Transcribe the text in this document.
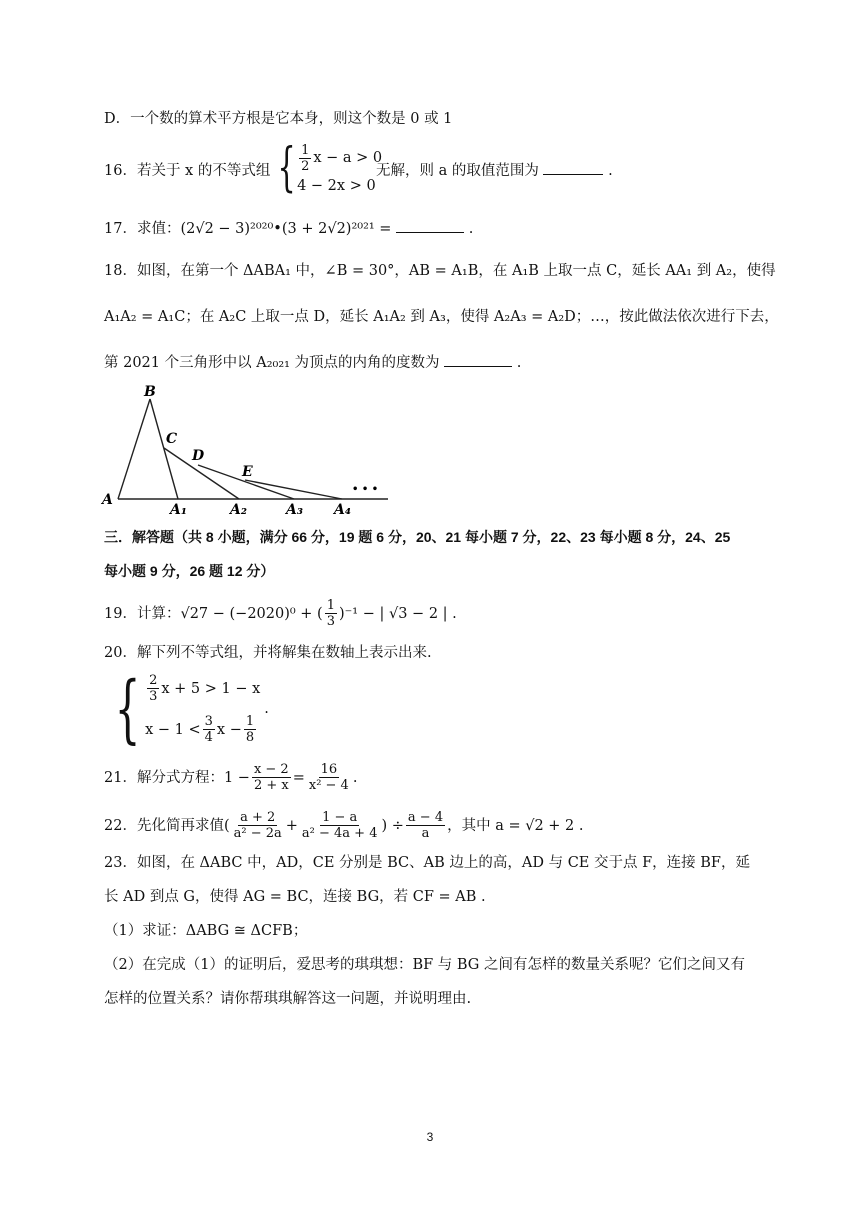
D．一个数的算术平方根是它本身，则这个数是 0 或 1
16．若关于 x 的不等式组 { $\frac{1}{2}$ x − a > 0
4 − 2x > 0
无解，则 a 的取值范围为	.
17．求值：(2√2 − 3)²⁰²⁰•(3 + 2√2)²⁰²¹ =	.
18．如图，在第一个 ΔABA₁ 中，∠B = 30°，AB = A₁B，在 A₁B 上取一点 C，延长 AA₁ 到 A₂，使得
A₁A₂ = A₁C；在 A₂C 上取一点 D，延长 A₁A₂ 到 A₃，使得 A₂A₃ = A₂D；…，按此做法依次进行下去，
第 2021 个三角形中以 A₂₀₂₁ 为顶点的内角的度数为	.
A
B
C
D
E
A₁	A₂	A₃ A₄
• • •
三．解答题（共 8 小题，满分 66 分，19 题 6 分，20、21 每小题 7 分，22、23 每小题 8 分，24、25
每小题 9 分，26 题 12 分）
19．计算：√27 − (−2020)⁰ + ( $\frac{1}{3} )^{-1}$ − | √3 − 2 | .
20．解下列不等式组，并将解集在数轴上表示出来.
{ $\frac{2}{3}$ x + 5 > 1 − x
$x - 1 < \frac{3}{4}$ $x - \frac{1}{8}$
.
21．解分式方程：$1 - \frac{x - 2}{2 + x} = \frac{16}{\text{x² − 4}}$ .
22．先化简再求值( $\frac{a + 2}{\text{a² − 2a}} + \frac{1 - a}{\text{a² − 4a + 4}}$ ) ÷ $\frac{a - 4}{a}$ ，其中 a = √2 + 2 .
23．如图，在 ΔABC 中，AD，CE 分别是 BC、AB 边上的高，AD 与 CE 交于点 F，连接 BF，延
长 AD 到点 G，使得 AG = BC，连接 BG，若 CF = AB .
（1）求证：ΔABG ≅ ΔCFB；
（2）在完成（1）的证明后，爱思考的琪琪想：BF 与 BG 之间有怎样的数量关系呢？它们之间又有
怎样的位置关系？请你帮琪琪解答这一问题，并说明理由.
3
